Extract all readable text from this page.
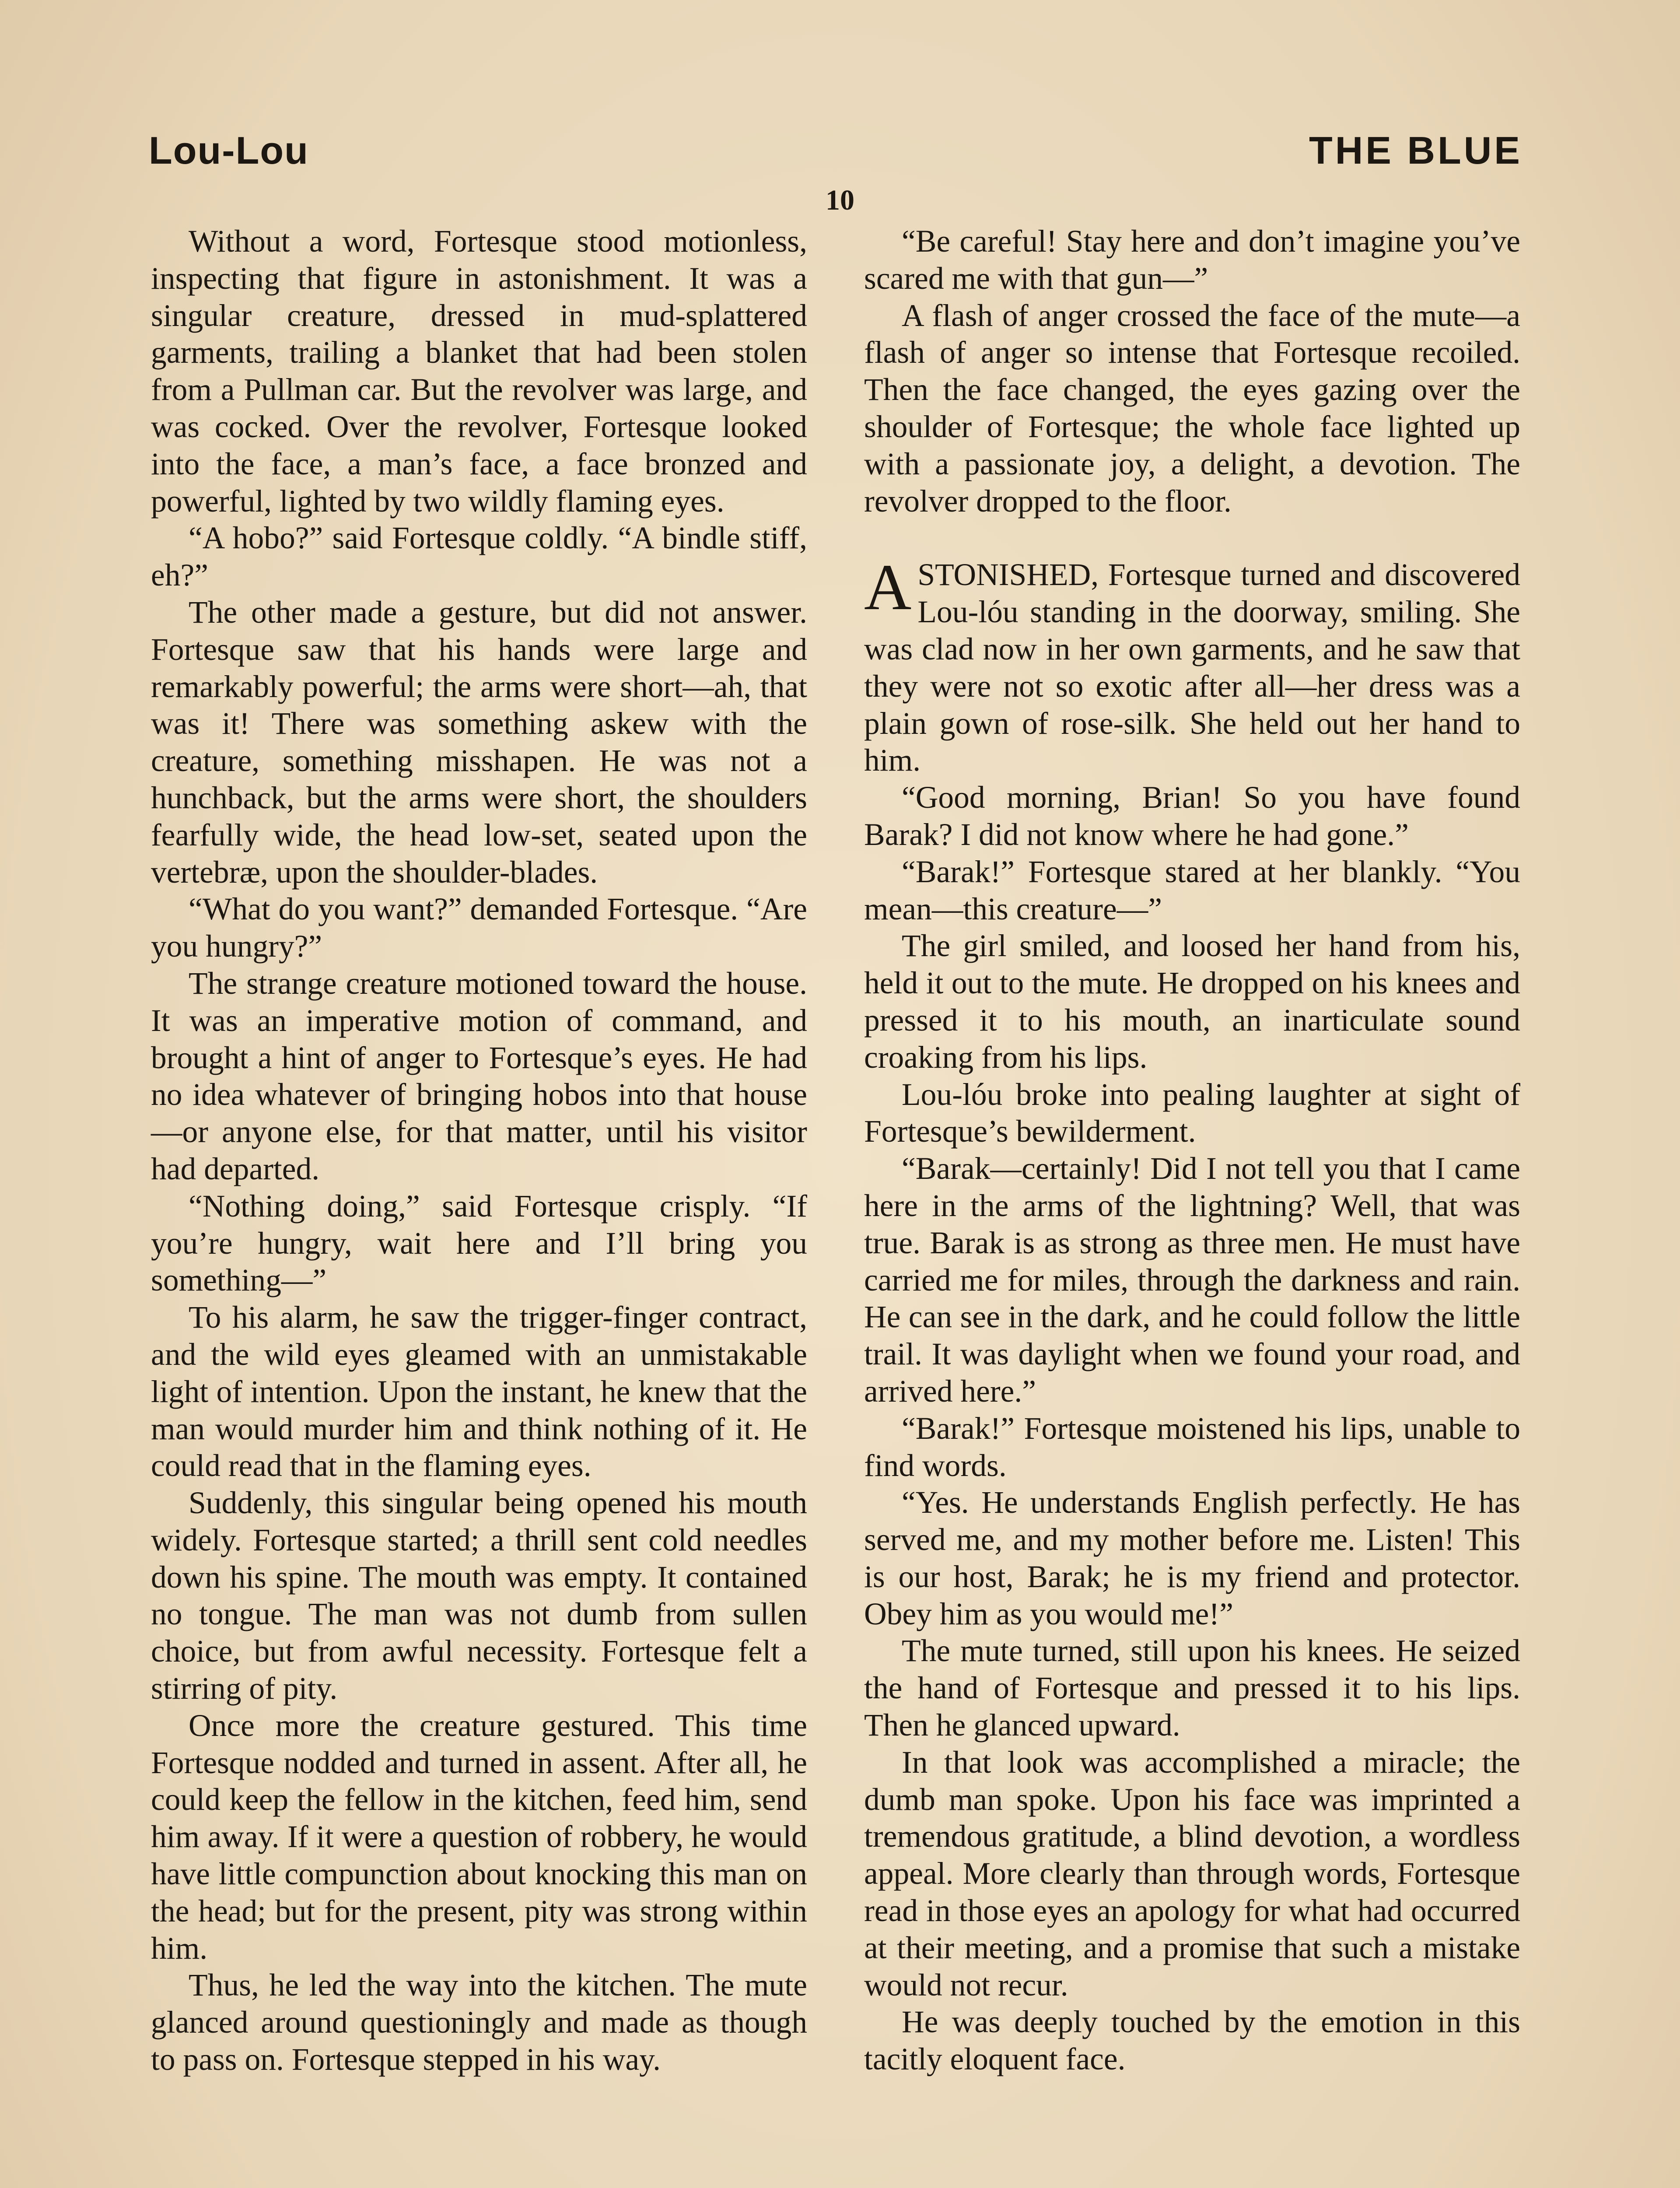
Lou-Lou	THE BLUE
10

Without a word, Fortesque stood motionless, inspecting that figure in astonishment. It was a singular creature, dressed in mud-splattered garments, trailing a blanket that had been stolen from a Pullman car. But the revolver was large, and was cocked. Over the revolver, Fortesque looked into the face, a man’s face, a face bronzed and powerful, lighted by two wildly flaming eyes.

“A hobo?” said Fortesque coldly. “A bindle stiff, eh?”

The other made a gesture, but did not answer. Fortesque saw that his hands were large and remarkably powerful; the arms were short—ah, that was it! There was something askew with the creature, something misshapen. He was not a hunchback, but the arms were short, the shoulders fearfully wide, the head low-set, seated upon the vertebræ, upon the shoulder-blades.

“What do you want?” demanded Fortesque. “Are you hungry?”

The strange creature motioned toward the house. It was an imperative motion of command, and brought a hint of anger to Fortesque’s eyes. He had no idea whatever of bringing hobos into that house—or anyone else, for that matter, until his visitor had departed.

“Nothing doing,” said Fortesque crisply. “If you’re hungry, wait here and I’ll bring you something—”

To his alarm, he saw the trigger-finger contract, and the wild eyes gleamed with an unmistakable light of intention. Upon the instant, he knew that the man would murder him and think nothing of it. He could read that in the flaming eyes.

Suddenly, this singular being opened his mouth widely. Fortesque started; a thrill sent cold needles down his spine. The mouth was empty. It contained no tongue. The man was not dumb from sullen choice, but from awful necessity. Fortesque felt a stirring of pity.

Once more the creature gestured. This time Fortesque nodded and turned in assent. After all, he could keep the fellow in the kitchen, feed him, send him away. If it were a question of robbery, he would have little compunction about knocking this man on the head; but for the present, pity was strong within him.

Thus, he led the way into the kitchen. The mute glanced around questioningly and made as though to pass on. Fortesque stepped in his way.

“Be careful! Stay here and don’t imagine you’ve scared me with that gun—”

A flash of anger crossed the face of the mute—a flash of anger so intense that Fortesque recoiled. Then the face changed, the eyes gazing over the shoulder of Fortesque; the whole face lighted up with a passionate joy, a delight, a devotion. The revolver dropped to the floor.

ASTONISHED, Fortesque turned and discovered Lou-lóu standing in the doorway, smiling. She was clad now in her own garments, and he saw that they were not so exotic after all—her dress was a plain gown of rose-silk. She held out her hand to him.

“Good morning, Brian! So you have found Barak? I did not know where he had gone.”

“Barak!” Fortesque stared at her blankly. “You mean—this creature—”

The girl smiled, and loosed her hand from his, held it out to the mute. He dropped on his knees and pressed it to his mouth, an inarticulate sound croaking from his lips.

Lou-lóu broke into pealing laughter at sight of Fortesque’s bewilderment.

“Barak—certainly! Did I not tell you that I came here in the arms of the lightning? Well, that was true. Barak is as strong as three men. He must have carried me for miles, through the darkness and rain. He can see in the dark, and he could follow the little trail. It was daylight when we found your road, and arrived here.”

“Barak!” Fortesque moistened his lips, unable to find words.

“Yes. He understands English perfectly. He has served me, and my mother before me. Listen! This is our host, Barak; he is my friend and protector. Obey him as you would me!”

The mute turned, still upon his knees. He seized the hand of Fortesque and pressed it to his lips. Then he glanced upward.

In that look was accomplished a miracle; the dumb man spoke. Upon his face was imprinted a tremendous gratitude, a blind devotion, a wordless appeal. More clearly than through words, Fortesque read in those eyes an apology for what had occurred at their meeting, and a promise that such a mistake would not recur.

He was deeply touched by the emotion in this tacitly eloquent face.
